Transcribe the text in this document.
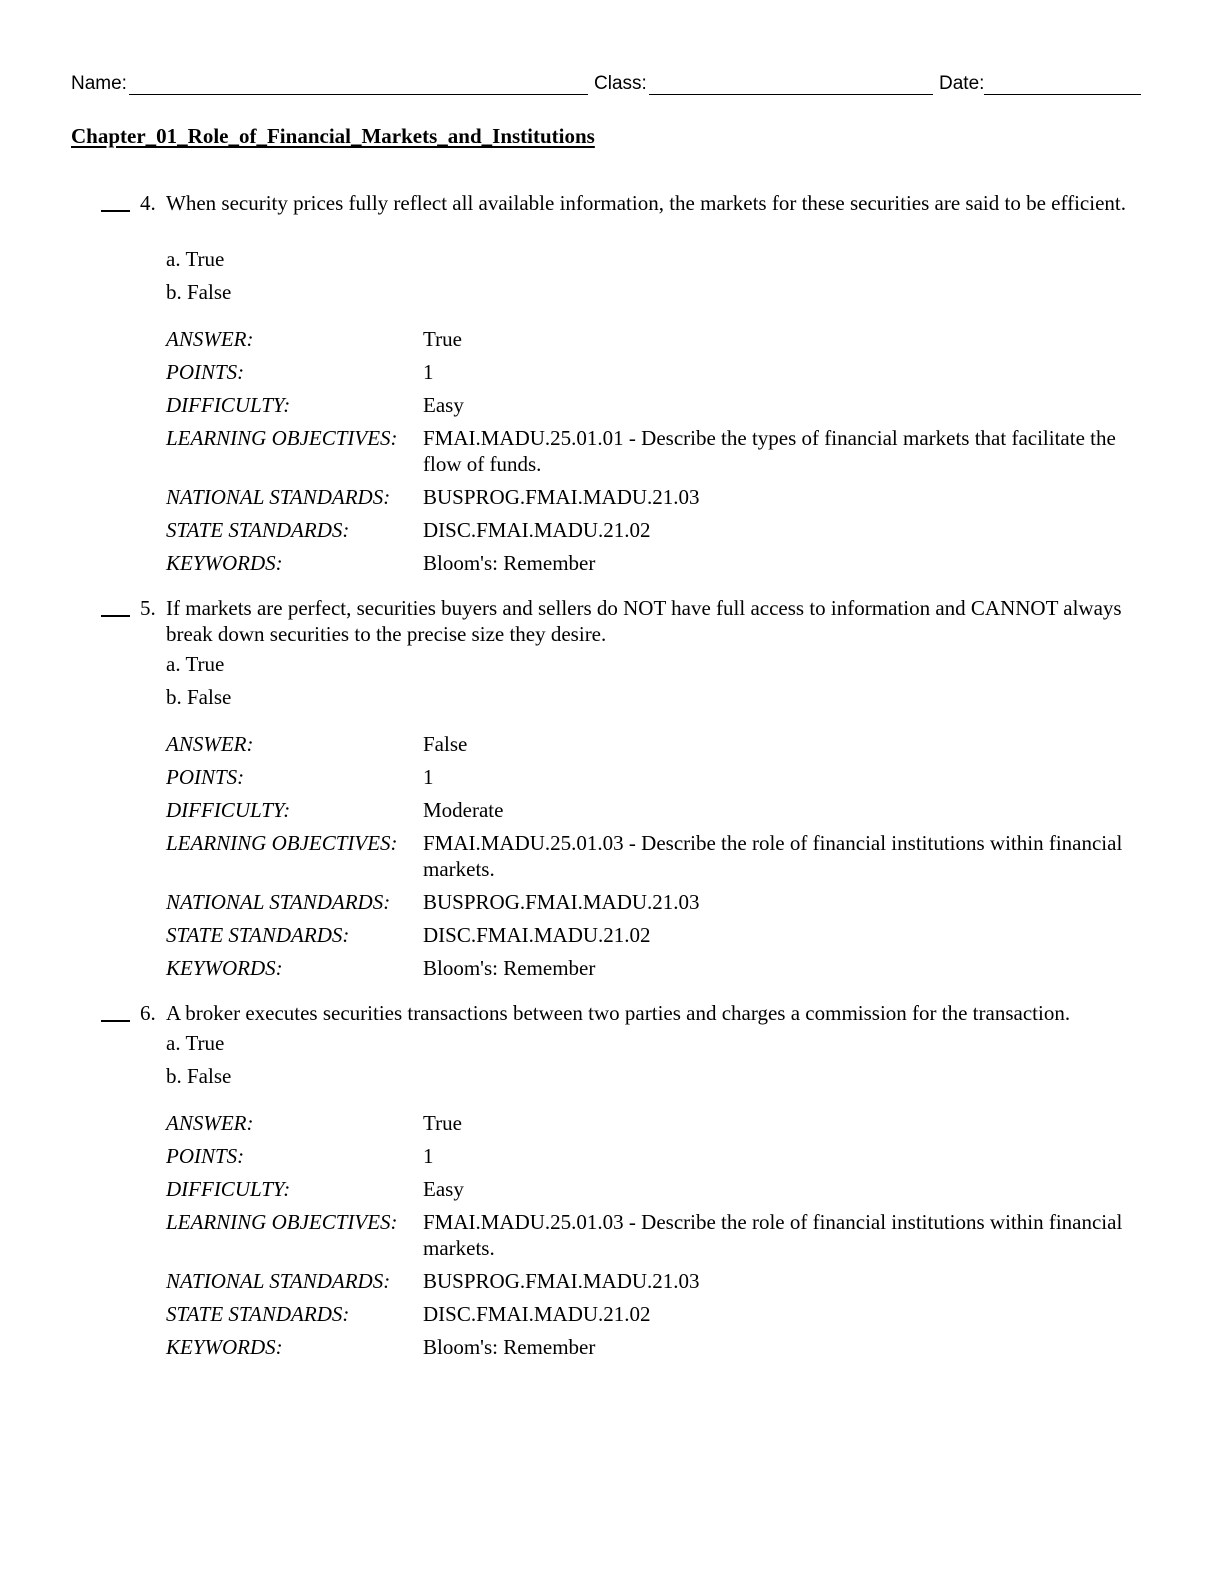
Name:	Class:	Date:
Chapter_01_Role_of_Financial_Markets_and_Institutions
4. When security prices fully reflect all available information, the markets for these securities are said to be efficient.
a. True
b. False
ANSWER:	True
POINTS:	1
DIFFICULTY:	Easy
LEARNING OBJECTIVES: FMAI.MADU.25.01.01 - Describe the types of financial markets that facilitate the flow of funds.
NATIONAL STANDARDS: BUSPROG.FMAI.MADU.21.03
STATE STANDARDS:	DISC.FMAI.MADU.21.02
KEYWORDS:	Bloom's: Remember
5. If markets are perfect, securities buyers and sellers do NOT have full access to information and CANNOT always break down securities to the precise size they desire.
a. True
b. False
ANSWER:	False
POINTS:	1
DIFFICULTY:	Moderate
LEARNING OBJECTIVES: FMAI.MADU.25.01.03 - Describe the role of financial institutions within financial markets.
NATIONAL STANDARDS: BUSPROG.FMAI.MADU.21.03
STATE STANDARDS:	DISC.FMAI.MADU.21.02
KEYWORDS:	Bloom's: Remember
6. A broker executes securities transactions between two parties and charges a commission for the transaction.
a. True
b. False
ANSWER:	True
POINTS:	1
DIFFICULTY:	Easy
LEARNING OBJECTIVES: FMAI.MADU.25.01.03 - Describe the role of financial institutions within financial markets.
NATIONAL STANDARDS: BUSPROG.FMAI.MADU.21.03
STATE STANDARDS:	DISC.FMAI.MADU.21.02
KEYWORDS:	Bloom's: Remember
